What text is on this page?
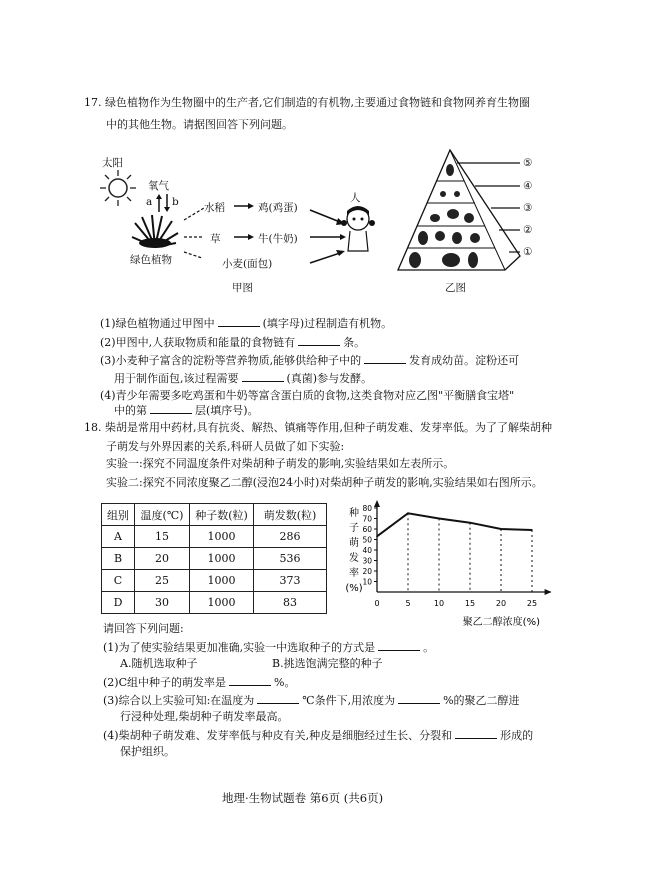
17. 绿色植物作为生物圈中的生产者,它们制造的有机物,主要通过食物链和食物网养育生物圈
中的其他生物。请据图回答下列问题。
太阳
氧气
a b
绿色植物
水稻	鸡(鸡蛋)
草	牛(牛奶)
小麦(面包)
人
甲图
⑤
④
③
②
①
乙图
(1)绿色植物通过甲图中	(填字母)过程制造有机物。
(2)甲图中,人获取物质和能量的食物链有	条。
(3)小麦种子富含的淀粉等营养物质,能够供给种子中的	发育成幼苗。淀粉还可
用于制作面包,该过程需要	(真菌)参与发酵。
(4)青少年需要多吃鸡蛋和牛奶等富含蛋白质的食物,这类食物对应乙图"平衡膳食宝塔"
中的第	层(填序号)。
18. 柴胡是常用中药材,具有抗炎、解热、镇痛等作用,但种子萌发难、发芽率低。为了了解柴胡种
子萌发与外界因素的关系,科研人员做了如下实验:
实验一:探究不同温度条件对柴胡种子萌发的影响,实验结果如左表所示。
实验二:探究不同浓度聚乙二醇(浸泡24小时)对柴胡种子萌发的影响,实验结果如右图所示。
组别	温度(℃)	种子数(粒)	萌发数(粒)
A	15	1000	286
B	20	1000	536
C	25	1000	373
D	30	1000	83
10
20
30
40
50
60
70
80
0	5	10	15	20	25
种
子
萌
发
率
(%)
聚乙二醇浓度(%)
请回答下列问题:
(1)为了使实验结果更加准确,实验一中选取种子的方式是	。
A.随机选取种子	B.挑选饱满完整的种子
(2)C组中种子的萌发率是	%。
(3)综合以上实验可知:在温度为	℃条件下,用浓度为	%的聚乙二醇进
行浸种处理,柴胡种子萌发率最高。
(4)柴胡种子萌发难、发芽率低与种皮有关,种皮是细胞经过生长、分裂和	形成的
保护组织。
地理·生物试题卷 第6页 (共6页)
